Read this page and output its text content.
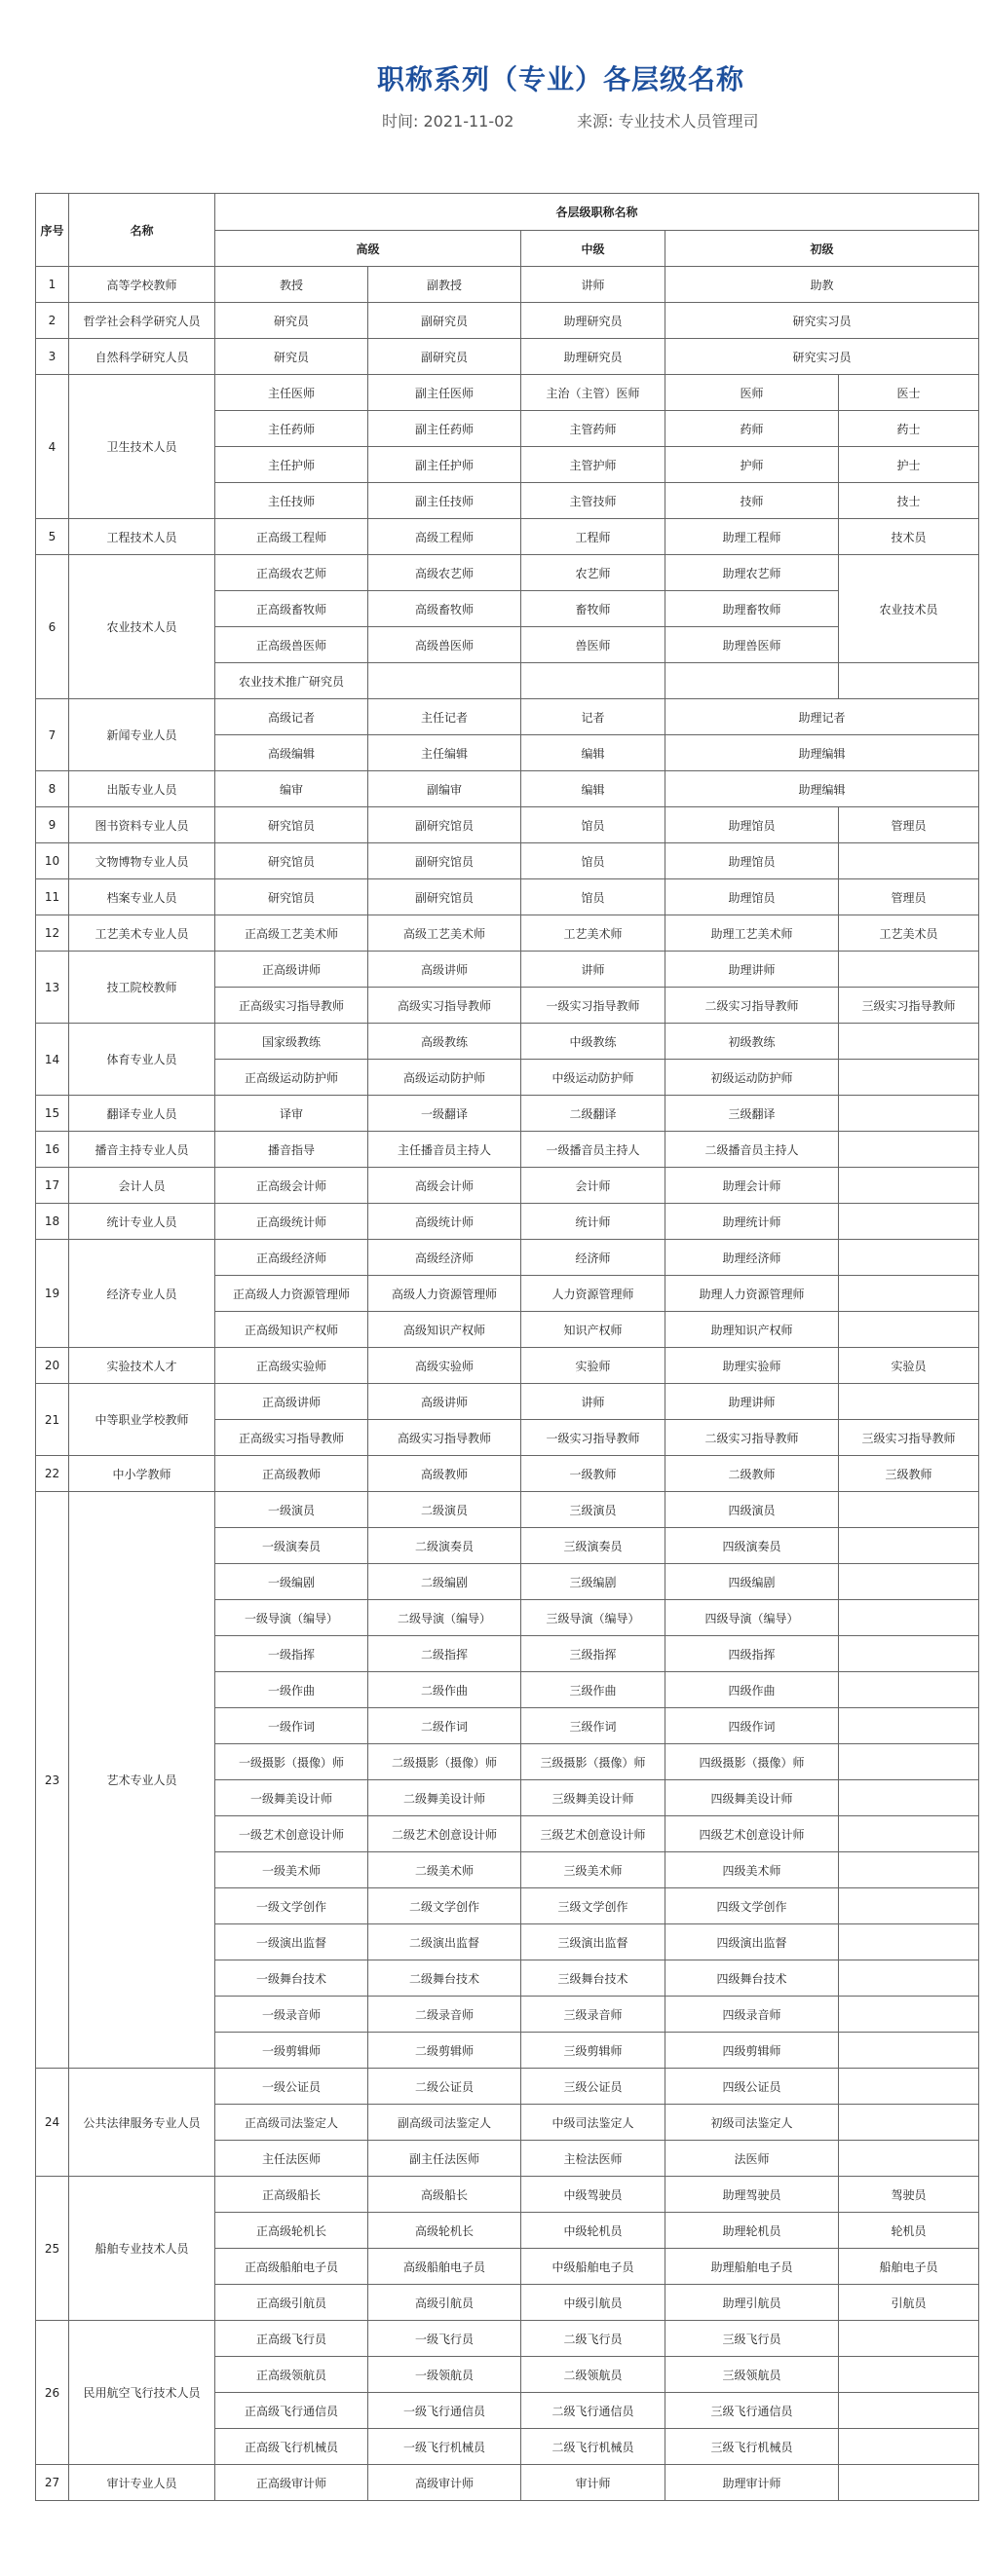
职称系列（专业）各层级名称
时间: 2021-11-02	来源: 专业技术人员管理司
序号	名称	各层级职称名称				
		高级		中级	初级	
1	高等学校教师	教授	副教授	讲师	助教	
2	哲学社会科学研究人员	研究员	副研究员	助理研究员	研究实习员	
3	自然科学研究人员	研究员	副研究员	助理研究员	研究实习员	
4	卫生技术人员	主任医师	副主任医师	主治（主管）医师	医师	医士
		主任药师	副主任药师	主管药师	药师	药士
		主任护师	副主任护师	主管护师	护师	护士
		主任技师	副主任技师	主管技师	技师	技士
5	工程技术人员	正高级工程师	高级工程师	工程师	助理工程师	技术员
6	农业技术人员	正高级农艺师	高级农艺师	农艺师	助理农艺师	农业技术员
		正高级畜牧师	高级畜牧师	畜牧师	助理畜牧师	
		正高级兽医师	高级兽医师	兽医师	助理兽医师	
		农业技术推广研究员				
7	新闻专业人员	高级记者	主任记者	记者	助理记者	
		高级编辑	主任编辑	编辑	助理编辑	
8	出版专业人员	编审	副编审	编辑	助理编辑	
9	图书资料专业人员	研究馆员	副研究馆员	馆员	助理馆员	管理员
10	文物博物专业人员	研究馆员	副研究馆员	馆员	助理馆员	
11	档案专业人员	研究馆员	副研究馆员	馆员	助理馆员	管理员
12	工艺美术专业人员	正高级工艺美术师	高级工艺美术师	工艺美术师	助理工艺美术师	工艺美术员
13	技工院校教师	正高级讲师	高级讲师	讲师	助理讲师	
		正高级实习指导教师	高级实习指导教师	一级实习指导教师	二级实习指导教师	三级实习指导教师
14	体育专业人员	国家级教练	高级教练	中级教练	初级教练	
		正高级运动防护师	高级运动防护师	中级运动防护师	初级运动防护师	
15	翻译专业人员	译审	一级翻译	二级翻译	三级翻译	
16	播音主持专业人员	播音指导	主任播音员主持人	一级播音员主持人	二级播音员主持人	
17	会计人员	正高级会计师	高级会计师	会计师	助理会计师	
18	统计专业人员	正高级统计师	高级统计师	统计师	助理统计师	
19	经济专业人员	正高级经济师	高级经济师	经济师	助理经济师	
		正高级人力资源管理师	高级人力资源管理师	人力资源管理师	助理人力资源管理师	
		正高级知识产权师	高级知识产权师	知识产权师	助理知识产权师	
20	实验技术人才	正高级实验师	高级实验师	实验师	助理实验师	实验员
21	中等职业学校教师	正高级讲师	高级讲师	讲师	助理讲师	
		正高级实习指导教师	高级实习指导教师	一级实习指导教师	二级实习指导教师	三级实习指导教师
22	中小学教师	正高级教师	高级教师	一级教师	二级教师	三级教师
23	艺术专业人员	一级演员	二级演员	三级演员	四级演员	
		一级演奏员	二级演奏员	三级演奏员	四级演奏员	
		一级编剧	二级编剧	三级编剧	四级编剧	
		一级导演（编导）	二级导演（编导）	三级导演（编导）	四级导演（编导）	
		一级指挥	二级指挥	三级指挥	四级指挥	
		一级作曲	二级作曲	三级作曲	四级作曲	
		一级作词	二级作词	三级作词	四级作词	
		一级摄影（摄像）师	二级摄影（摄像）师	三级摄影（摄像）师	四级摄影（摄像）师	
		一级舞美设计师	二级舞美设计师	三级舞美设计师	四级舞美设计师	
		一级艺术创意设计师	二级艺术创意设计师	三级艺术创意设计师	四级艺术创意设计师	
		一级美术师	二级美术师	三级美术师	四级美术师	
		一级文学创作	二级文学创作	三级文学创作	四级文学创作	
		一级演出监督	二级演出监督	三级演出监督	四级演出监督	
		一级舞台技术	二级舞台技术	三级舞台技术	四级舞台技术	
		一级录音师	二级录音师	三级录音师	四级录音师	
		一级剪辑师	二级剪辑师	三级剪辑师	四级剪辑师	
24	公共法律服务专业人员	一级公证员	二级公证员	三级公证员	四级公证员	
		正高级司法鉴定人	副高级司法鉴定人	中级司法鉴定人	初级司法鉴定人	
		主任法医师	副主任法医师	主检法医师	法医师	
25	船舶专业技术人员	正高级船长	高级船长	中级驾驶员	助理驾驶员	驾驶员
		正高级轮机长	高级轮机长	中级轮机员	助理轮机员	轮机员
		正高级船舶电子员	高级船舶电子员	中级船舶电子员	助理船舶电子员	船舶电子员
		正高级引航员	高级引航员	中级引航员	助理引航员	引航员
26	民用航空飞行技术人员	正高级飞行员	一级飞行员	二级飞行员	三级飞行员	
		正高级领航员	一级领航员	二级领航员	三级领航员	
		正高级飞行通信员	一级飞行通信员	二级飞行通信员	三级飞行通信员	
		正高级飞行机械员	一级飞行机械员	二级飞行机械员	三级飞行机械员	
27	审计专业人员	正高级审计师	高级审计师	审计师	助理审计师	
